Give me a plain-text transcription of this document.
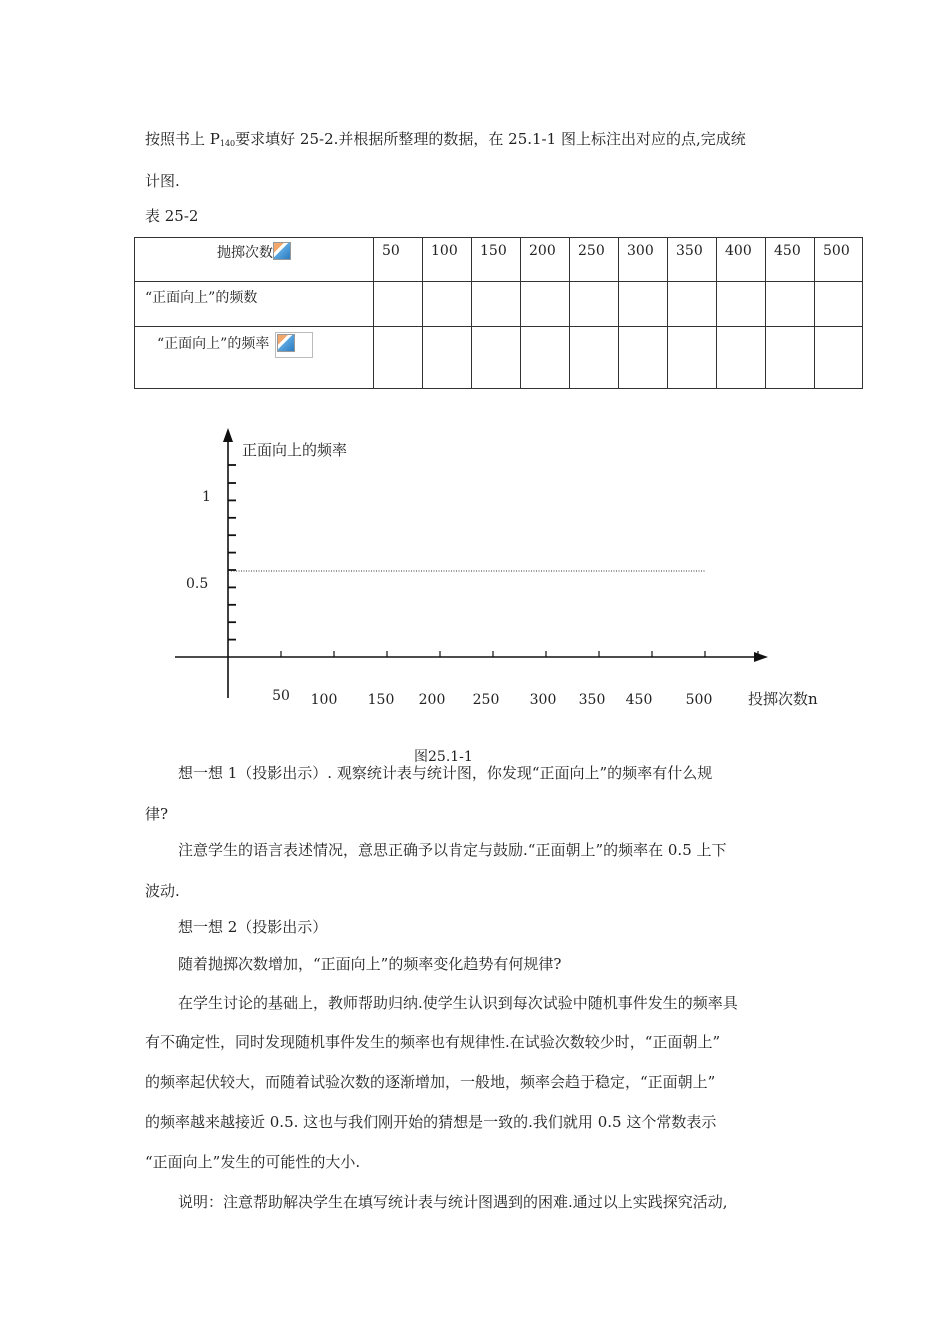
按照书上 $P_{140}$要求填好 25-2.并根据所整理的数据，在 25.1-1 图上标注出对应的点,完成统
计图.
表 25-2
抛掷次数	50	100	150	200	250	300	350	400	450	500
“正面向上”的频数										
“正面向上”的频率

正面向上的频率
1
0.5
50 100 150 200 250 300 350 450 500 投掷次数n
图25.1-1
想一想 1（投影出示）. 观察统计表与统计图，你发现“正面向上”的频率有什么规
律?
注意学生的语言表述情况，意思正确予以肯定与鼓励.“正面朝上”的频率在 0.5 上下
波动.
想一想 2（投影出示）
随着抛掷次数增加，“正面向上”的频率变化趋势有何规律?
在学生讨论的基础上，教师帮助归纳.使学生认识到每次试验中随机事件发生的频率具
有不确定性，同时发现随机事件发生的频率也有规律性.在试验次数较少时，“正面朝上”
的频率起伏较大，而随着试验次数的逐渐增加，一般地，频率会趋于稳定，“正面朝上”
的频率越来越接近 0.5. 这也与我们刚开始的猜想是一致的.我们就用 0.5 这个常数表示
“正面向上”发生的可能性的大小.
说明：注意帮助解决学生在填写统计表与统计图遇到的困难.通过以上实践探究活动,
